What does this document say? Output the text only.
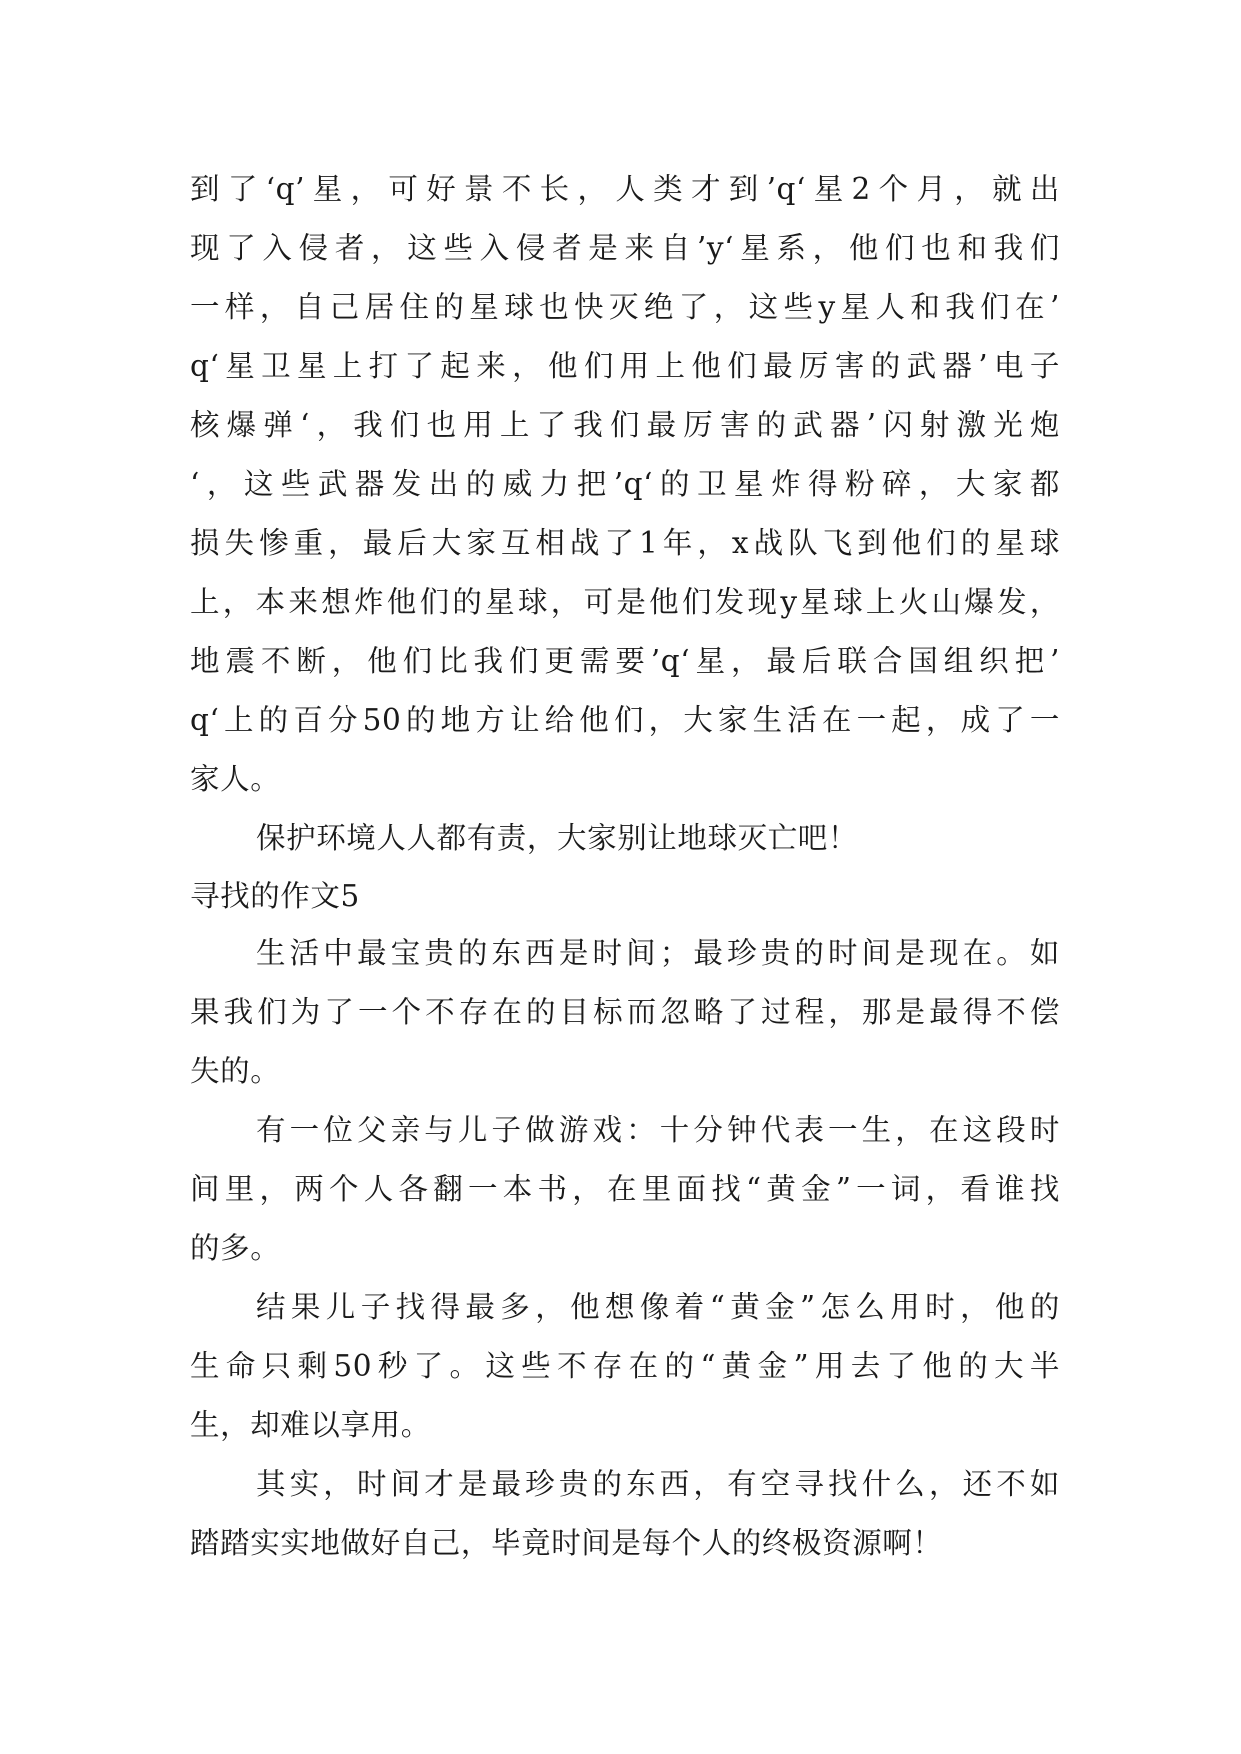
到了‘q’星，可好景不长，人类才到’q‘星2个月，就出
现了入侵者，这些入侵者是来自’y‘星系，他们也和我们
一样，自己居住的星球也快灭绝了，这些y星人和我们在’
q‘星卫星上打了起来，他们用上他们最厉害的武器’电子
核爆弹‘，我们也用上了我们最厉害的武器’闪射激光炮
‘，这些武器发出的威力把’q‘的卫星炸得粉碎，大家都
损失惨重，最后大家互相战了1年，x战队飞到他们的星球
上，本来想炸他们的星球，可是他们发现y星球上火山爆发，
地震不断，他们比我们更需要’q‘星，最后联合国组织把’
q‘上的百分50的地方让给他们，大家生活在一起，成了一
家人。
保护环境人人都有责，大家别让地球灭亡吧！
寻找的作文5
生活中最宝贵的东西是时间；最珍贵的时间是现在。如
果我们为了一个不存在的目标而忽略了过程，那是最得不偿
失的。
有一位父亲与儿子做游戏：十分钟代表一生，在这段时
间里，两个人各翻一本书，在里面找“黄金”一词，看谁找
的多。
结果儿子找得最多，他想像着“黄金”怎么用时，他的
生命只剩50秒了。这些不存在的“黄金”用去了他的大半
生，却难以享用。
其实，时间才是最珍贵的东西，有空寻找什么，还不如
踏踏实实地做好自己，毕竟时间是每个人的终极资源啊！
